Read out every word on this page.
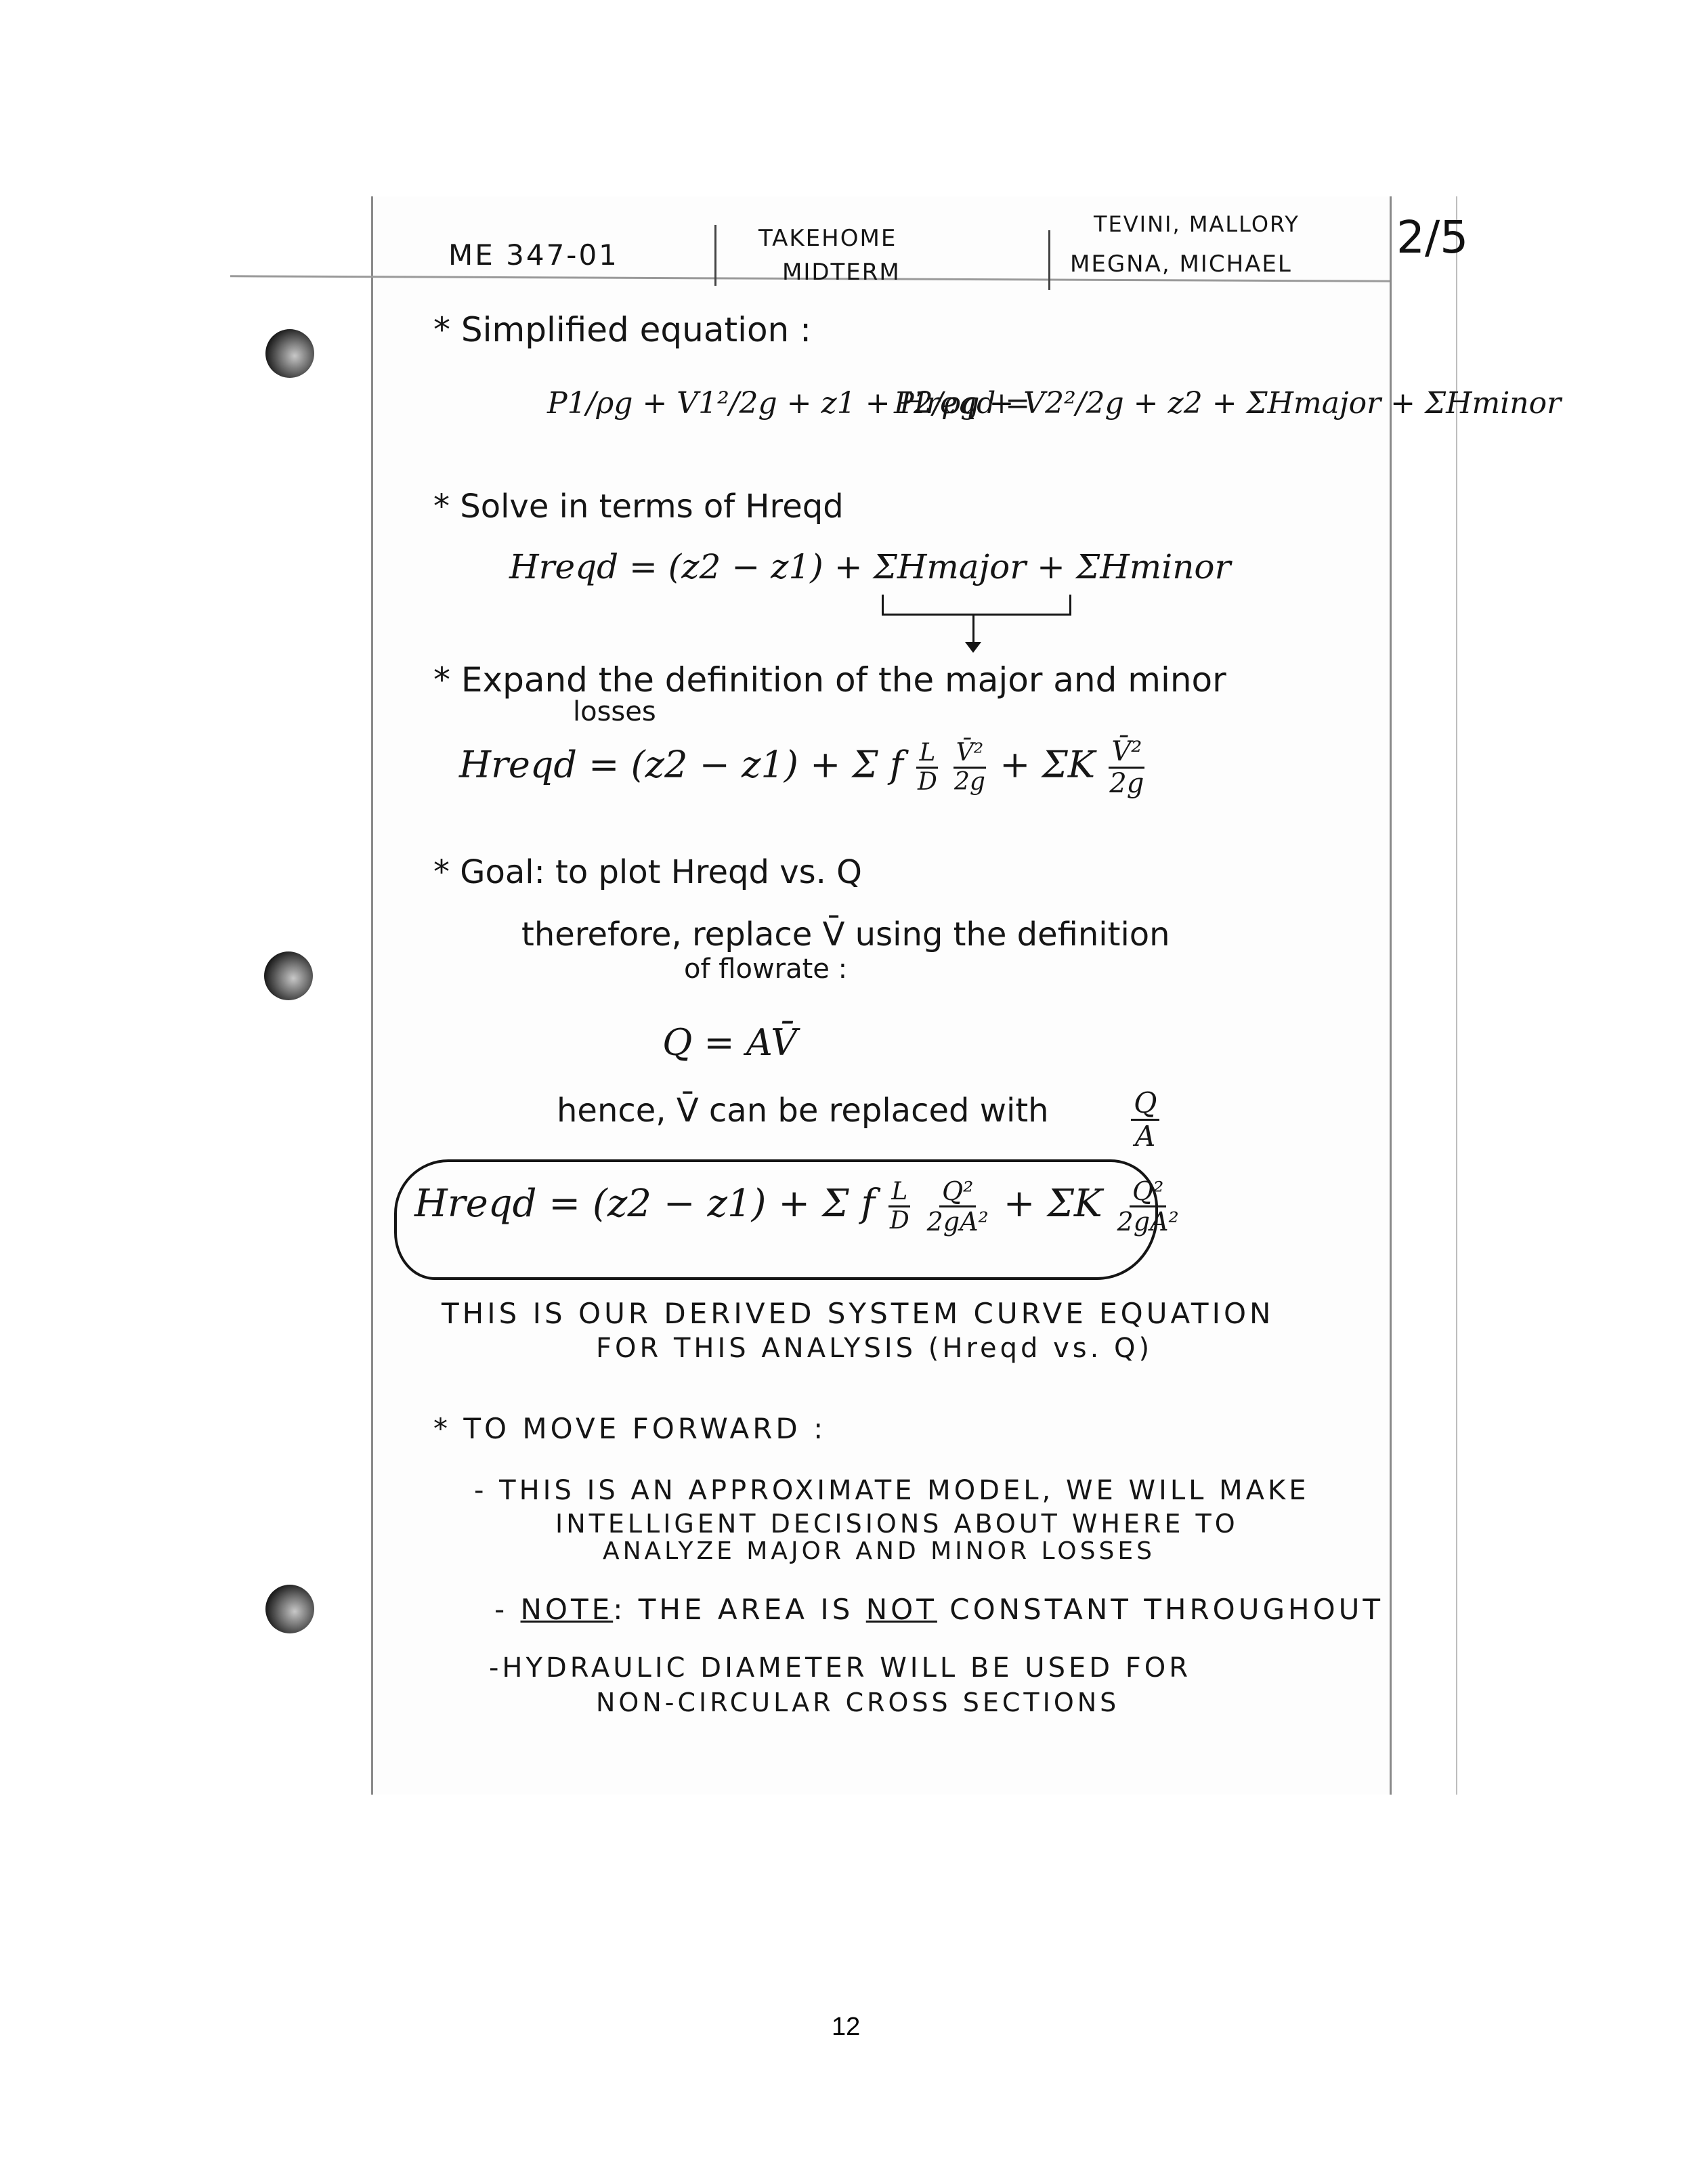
ME 347-01	TAKEHOME
MIDTERM
TEVINI, MALLORY
MEGNA, MICHAEL
2/5
* Simplified equation :
P1/ρg + V1²/2g + z1 + Hreqd =
P2/ρg + V2²/2g + z2 + ΣHmajor + ΣHminor
* Solve in terms of Hreqd
Hreqd = (z2 − z1) + ΣHmajor + ΣHminor
* Expand the definition of the major and minor
losses
Hreqd = (z2 − z1) + Σ f $\frac{L}{D}$
$\frac{\text{V̄²}}{2g} + \Sigma K \frac{\text{V̄²}}{2g}$
* Goal: to plot Hreqd vs. Q
therefore, replace V̄ using the definition
of flowrate :
Q = AV̄
hence, V̄ can be replaced with	$\frac{Q}{A}$
Hreqd = (z2 − z1) + Σ f $\frac{L}{D}$
$\frac{\text{Q²}}{\text{2gA²}} + \Sigma K \frac{\text{Q²}}{\text{2gA²}}$
THIS IS OUR DERIVED SYSTEM CURVE EQUATION
FOR THIS ANALYSIS (Hreqd vs. Q)
* TO MOVE FORWARD :
- THIS IS AN APPROXIMATE MODEL, WE WILL MAKE
INTELLIGENT DECISIONS ABOUT WHERE TO
ANALYZE MAJOR AND MINOR LOSSES
- NOTE: THE AREA IS NOT CONSTANT THROUGHOUT
-HYDRAULIC DIAMETER WILL BE USED FOR
NON-CIRCULAR CROSS SECTIONS
12
